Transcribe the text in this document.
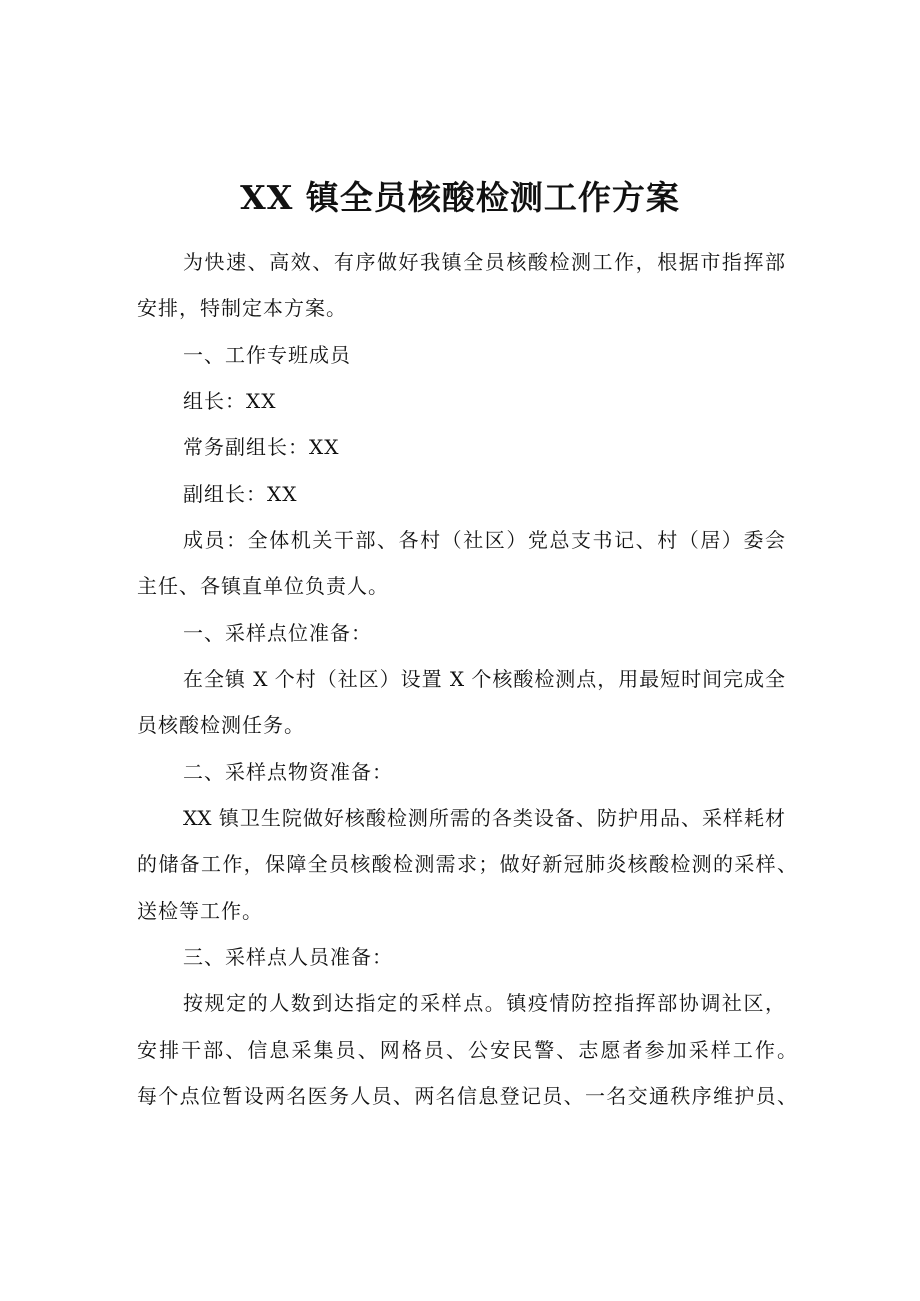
XX 镇全员核酸检测工作方案
为快速、高效、有序做好我镇全员核酸检测工作，根据市指挥部
安排，特制定本方案。
一、工作专班成员
组长：XX
常务副组长：XX
副组长：XX
成员：全体机关干部、各村（社区）党总支书记、村（居）委会
主任、各镇直单位负责人。
一、采样点位准备：
在全镇 X 个村（社区）设置 X 个核酸检测点，用最短时间完成全
员核酸检测任务。
二、采样点物资准备：
XX 镇卫生院做好核酸检测所需的各类设备、防护用品、采样耗材
的储备工作，保障全员核酸检测需求；做好新冠肺炎核酸检测的采样、
送检等工作。
三、采样点人员准备：
按规定的人数到达指定的采样点。镇疫情防控指挥部协调社区，
安排干部、信息采集员、网格员、公安民警、志愿者参加采样工作。
每个点位暂设两名医务人员、两名信息登记员、一名交通秩序维护员、
